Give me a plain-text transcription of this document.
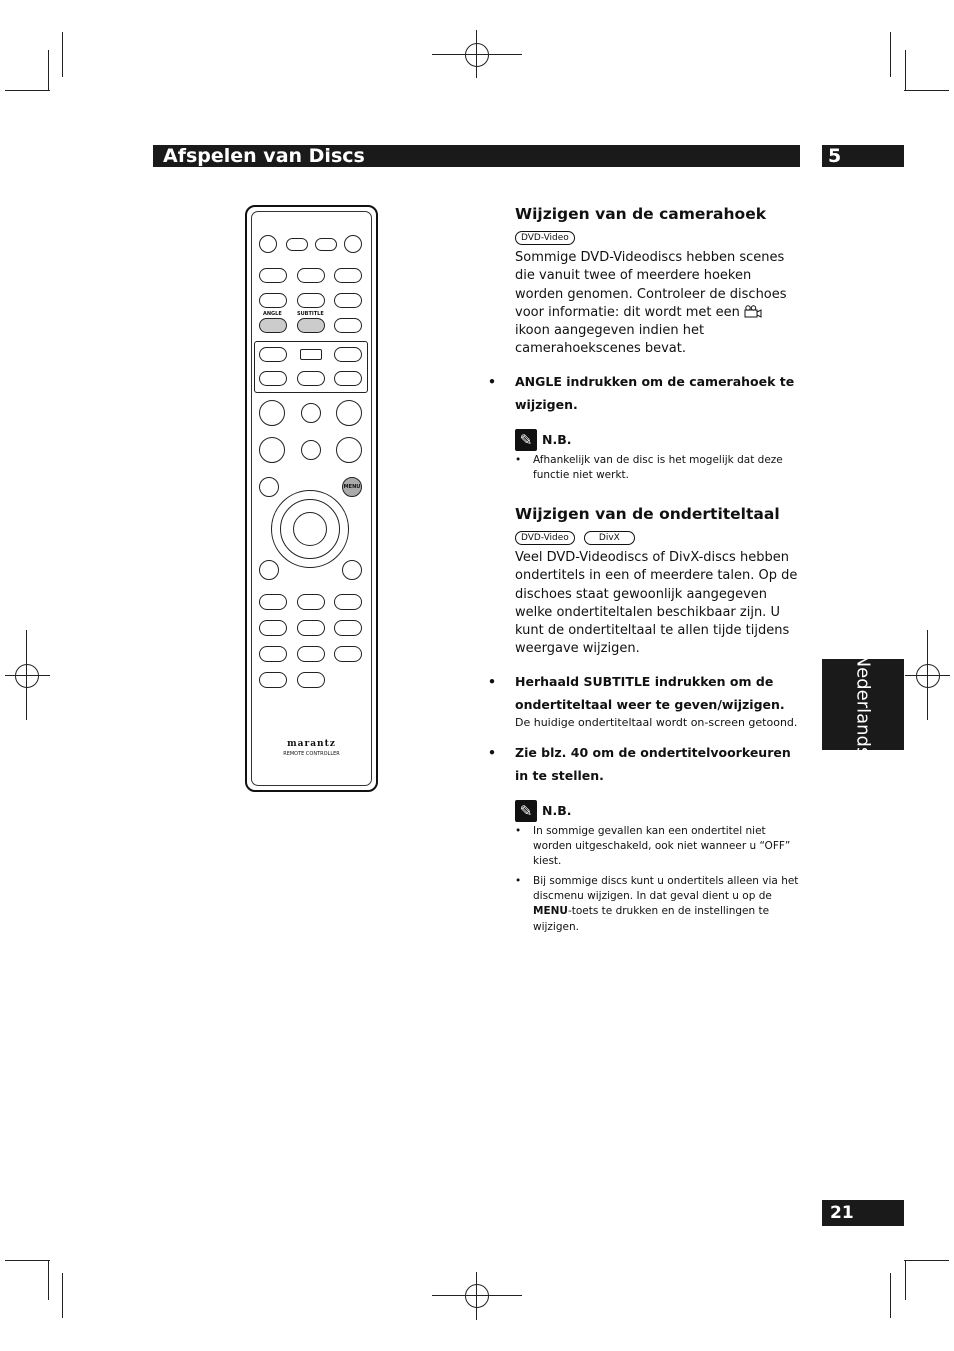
Afspelen van Discs	5
Nederlands
21
ANGLE	SUBTITLE
MENU
marantz
REMOTE CONTROLLER
Wijzigen van de camerahoek
DVD-Video
Sommige DVD-Videodiscs hebben scenes die vanuit twee of meerdere hoeken worden genomen. Controleer de dischoes voor informatie: dit wordt met een  ikoon aangegeven indien het camerahoekscenes bevat.
• ANGLE indrukken om de camerahoek te wijzigen.
✎ N.B.
• Afhankelijk van de disc is het mogelijk dat deze functie niet werkt.
Wijzigen van de ondertiteltaal
DVD-Video	DivX
Veel DVD-Videodiscs of DivX-discs hebben ondertitels in een of meerdere talen. Op de dischoes staat gewoonlijk aangegeven welke ondertiteltalen beschikbaar zijn. U kunt de ondertiteltaal te allen tijde tijdens weergave wijzigen.
• Herhaald SUBTITLE indrukken om de ondertiteltaal weer te geven/wijzigen.
De huidige ondertiteltaal wordt on-screen getoond.
• Zie blz. 40 om de ondertitelvoorkeuren in te stellen.
✎ N.B.
• In sommige gevallen kan een ondertitel niet worden uitgeschakeld, ook niet wanneer u “OFF” kiest.
• Bij sommige discs kunt u ondertitels alleen via het discmenu wijzigen. In dat geval dient u op de MENU-toets te drukken en de instellingen te wijzigen.
